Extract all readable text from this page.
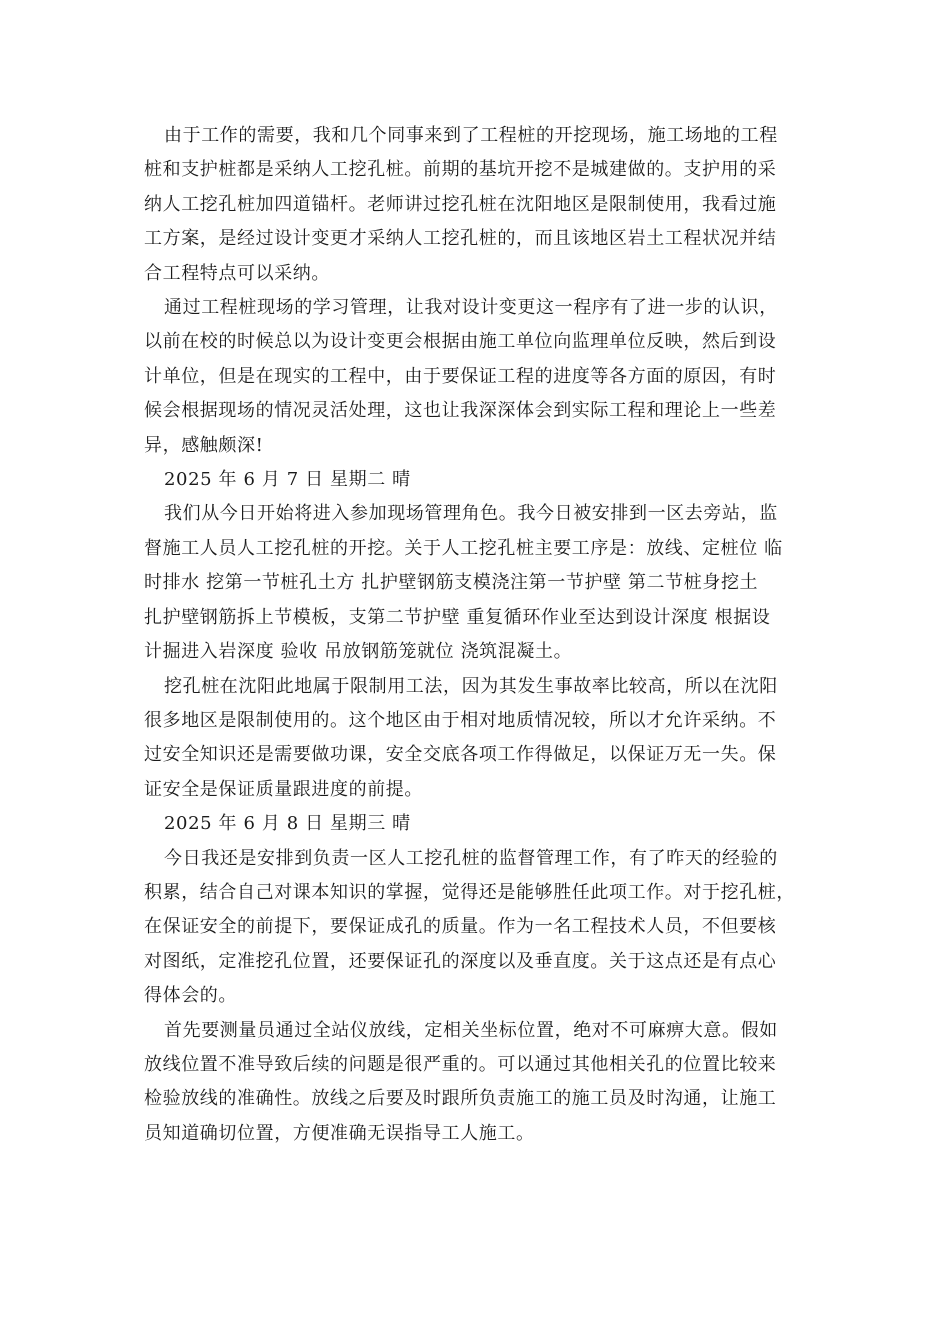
由于工作的需要，我和几个同事来到了工程桩的开挖现场，施工场地的工程
桩和支护桩都是采纳人工挖孔桩。前期的基坑开挖不是城建做的。支护用的采
纳人工挖孔桩加四道锚杆。老师讲过挖孔桩在沈阳地区是限制使用，我看过施
工方案，是经过设计变更才采纳人工挖孔桩的，而且该地区岩土工程状况并结
合工程特点可以采纳。

通过工程桩现场的学习管理，让我对设计变更这一程序有了进一步的认识，
以前在校的时候总以为设计变更会根据由施工单位向监理单位反映，然后到设
计单位，但是在现实的工程中，由于要保证工程的进度等各方面的原因，有时
候会根据现场的情况灵活处理，这也让我深深体会到实际工程和理论上一些差
异，感触颇深!

2025 年 6 月 7 日 星期二 晴

我们从今日开始将进入参加现场管理角色。我今日被安排到一区去旁站，监
督施工人员人工挖孔桩的开挖。关于人工挖孔桩主要工序是：放线、定桩位 临
时排水 挖第一节桩孔土方 扎护壁钢筋支模浇注第一节护壁 第二节桩身挖土
扎护壁钢筋拆上节模板，支第二节护壁 重复循环作业至达到设计深度 根据设
计掘进入岩深度 验收 吊放钢筋笼就位 浇筑混凝土。

挖孔桩在沈阳此地属于限制用工法，因为其发生事故率比较高，所以在沈阳
很多地区是限制使用的。这个地区由于相对地质情况较，所以才允许采纳。不
过安全知识还是需要做功课，安全交底各项工作得做足，以保证万无一失。保
证安全是保证质量跟进度的前提。

2025 年 6 月 8 日 星期三 晴

今日我还是安排到负责一区人工挖孔桩的监督管理工作，有了昨天的经验的
积累，结合自己对课本知识的掌握，觉得还是能够胜任此项工作。对于挖孔桩，
在保证安全的前提下，要保证成孔的质量。作为一名工程技术人员，不但要核
对图纸，定准挖孔位置，还要保证孔的深度以及垂直度。关于这点还是有点心
得体会的。

首先要测量员通过全站仪放线，定相关坐标位置，绝对不可麻痹大意。假如
放线位置不准导致后续的问题是很严重的。可以通过其他相关孔的位置比较来
检验放线的准确性。放线之后要及时跟所负责施工的施工员及时沟通，让施工
员知道确切位置，方便准确无误指导工人施工。
